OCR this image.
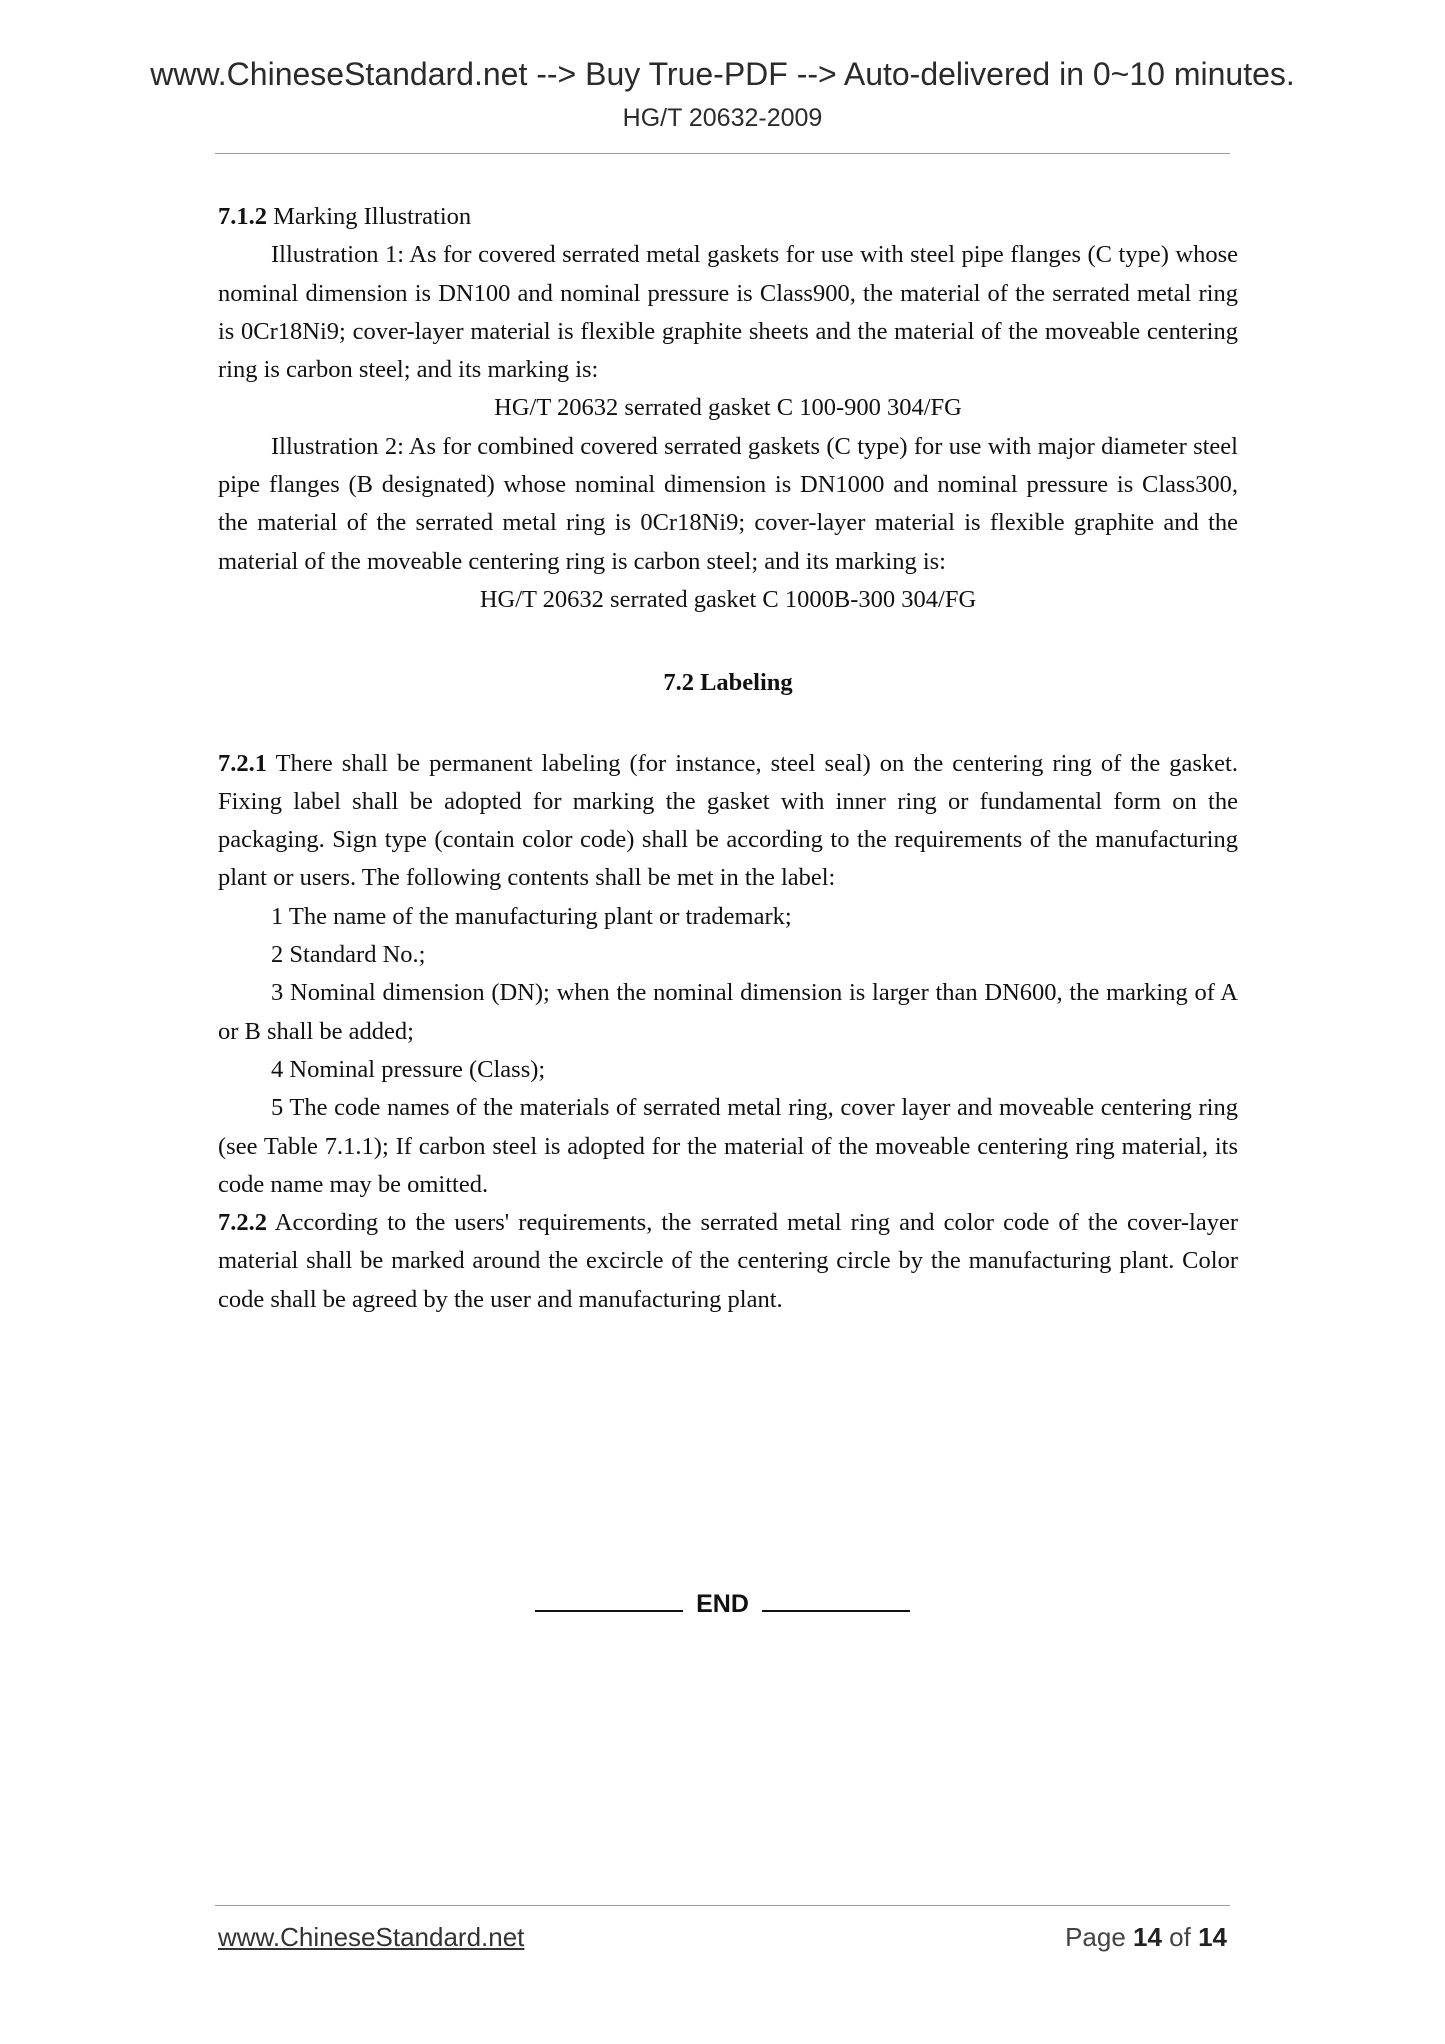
www.ChineseStandard.net --> Buy True-PDF --> Auto-delivered in 0~10 minutes.
HG/T 20632-2009

7.1.2 Marking Illustration

Illustration 1: As for covered serrated metal gaskets for use with steel pipe flanges (C type) whose nominal dimension is DN100 and nominal pressure is Class900, the material of the serrated metal ring is 0Cr18Ni9; cover-layer material is flexible graphite sheets and the material of the moveable centering ring is carbon steel; and its marking is:

HG/T 20632 serrated gasket C 100-900 304/FG

Illustration 2: As for combined covered serrated gaskets (C type) for use with major diameter steel pipe flanges (B designated) whose nominal dimension is DN1000 and nominal pressure is Class300, the material of the serrated metal ring is 0Cr18Ni9; cover-layer material is flexible graphite and the material of the moveable centering ring is carbon steel; and its marking is:

HG/T 20632 serrated gasket C 1000B-300 304/FG

7.2 Labeling

7.2.1 There shall be permanent labeling (for instance, steel seal) on the centering ring of the gasket. Fixing label shall be adopted for marking the gasket with inner ring or fundamental form on the packaging. Sign type (contain color code) shall be according to the requirements of the manufacturing plant or users. The following contents shall be met in the label:

1 The name of the manufacturing plant or trademark;

2 Standard No.;

3 Nominal dimension (DN); when the nominal dimension is larger than DN600, the marking of A or B shall be added;

4 Nominal pressure (Class);

5 The code names of the materials of serrated metal ring, cover layer and moveable centering ring (see Table 7.1.1); If carbon steel is adopted for the material of the moveable centering ring material, its code name may be omitted.

7.2.2 According to the users' requirements, the serrated metal ring and color code of the cover-layer material shall be marked around the excircle of the centering circle by the manufacturing plant. Color code shall be agreed by the user and manufacturing plant.

END
www.ChineseStandard.net	Page 14 of 14
